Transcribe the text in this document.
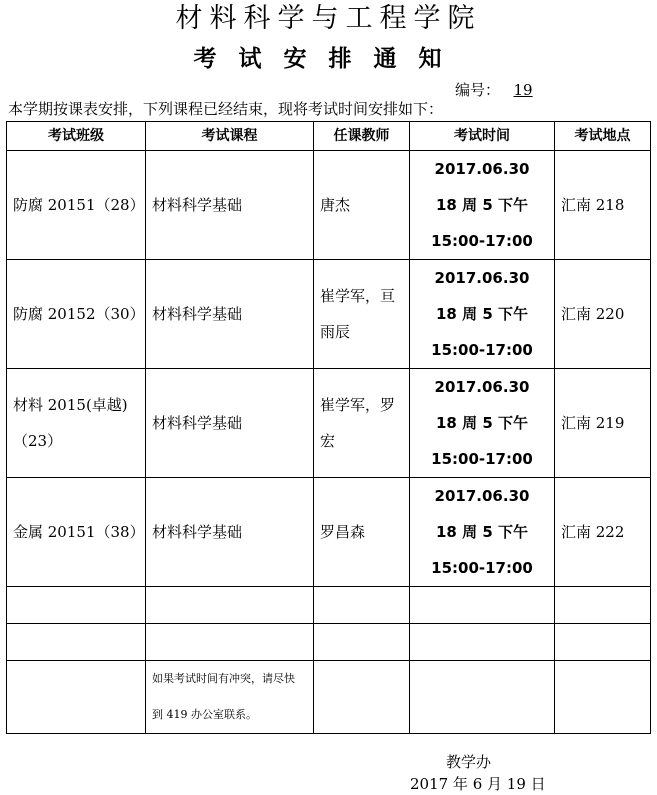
材料科学与工程学院
考试安排通知
编号： 19
本学期按课表安排，下列课程已经结束，现将考试时间安排如下：
考试班级	考试课程	任课教师	考试时间	考试地点
防腐 20151（28）	材料科学基础	唐杰	2017.06.30
18 周 5 下午
15:00-17:00	汇南 218
防腐 20152（30）	材料科学基础	崔学军，亘雨辰	2017.06.30
18 周 5 下午
15:00-17:00	汇南 220
材料 2015(卓越)（23）	材料科学基础	崔学军，罗宏	2017.06.30
18 周 5 下午
15:00-17:00	汇南 219
金属 20151（38）	材料科学基础	罗昌森	2017.06.30
18 周 5 下午
15:00-17:00	汇南 222

	如果考试时间有冲突，请尽快
到 419 办公室联系。			

教学办
2017 年 6 月 19 日
